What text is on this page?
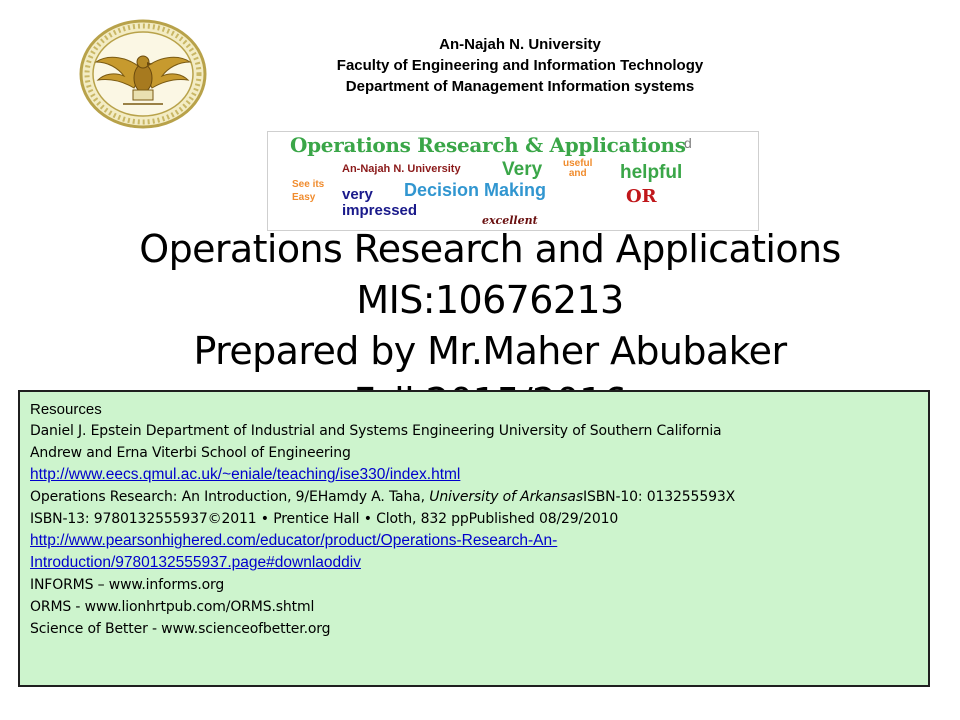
An-Najah N. University
Faculty of Engineering and Information Technology
Department of Management Information systems
d
Operations Research & Applications
An-Najah N. University Very useful
and	helpful
See its
Easy	very Decision Making	OR
impressed
excellent
Operations Research and Applications
MIS:10676213
Prepared by Mr.Maher Abubaker
Resources
Daniel J. Epstein Department of Industrial and Systems Engineering University of Southern California
Andrew and Erna Viterbi School of Engineering
http://www.eecs.qmul.ac.uk/~eniale/teaching/ise330/index.html
Operations Research: An Introduction, 9/EHamdy A. Taha, University of ArkansasISBN-10: 013255593X
ISBN-13: 9780132555937©2011 • Prentice Hall • Cloth, 832 ppPublished 08/29/2010
http://www.pearsonhighered.com/educator/product/Operations-Research-An-
Introduction/9780132555937.page#downlaoddiv
INFORMS – www.informs.org
ORMS - www.lionhrtpub.com/ORMS.shtml
Science of Better - www.scienceofbetter.org
